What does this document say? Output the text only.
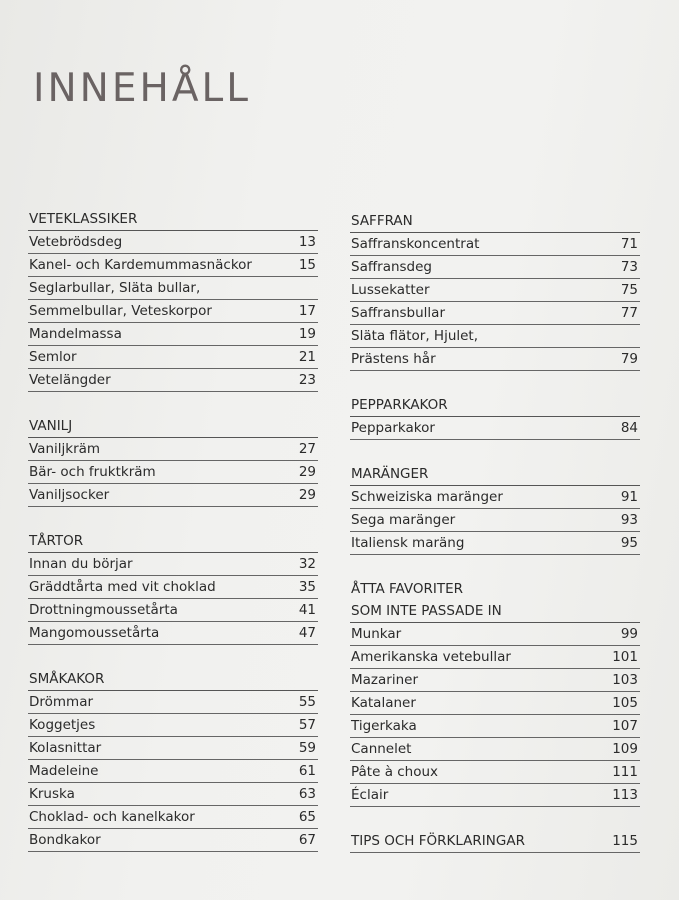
INNEHÅLL
VETEKLASSIKER
Vetebrödsdeg	13
Kanel- och Kardemummasnäckor	15
Seglarbullar, Släta bullar,
Semmelbullar, Veteskorpor	17
Mandelmassa	19
Semlor	21
Vetelängder	23
VANILJ
Vaniljkräm	27
Bär- och fruktkräm	29
Vaniljsocker	29
TÅRTOR
Innan du börjar	32
Gräddtårta med vit choklad	35
Drottningmoussetårta	41
Mangomoussetårta	47
SMÅKAKOR
Drömmar	55
Koggetjes	57
Kolasnittar	59
Madeleine	61
Kruska	63
Choklad- och kanelkakor	65
Bondkakor	67
SAFFRAN
Saffranskoncentrat	71
Saffransdeg	73
Lussekatter	75
Saffransbullar	77
Släta flätor, Hjulet,
Prästens hår	79
PEPPARKAKOR
Pepparkakor	84
MARÄNGER
Schweiziska maränger	91
Sega maränger	93
Italiensk maräng	95
ÅTTA FAVORITER
SOM INTE PASSADE IN
Munkar	99
Amerikanska vetebullar	101
Mazariner	103
Katalaner	105
Tigerkaka	107
Cannelet	109
Pâte à choux	111
Éclair	113
TIPS OCH FÖRKLARINGAR	115
